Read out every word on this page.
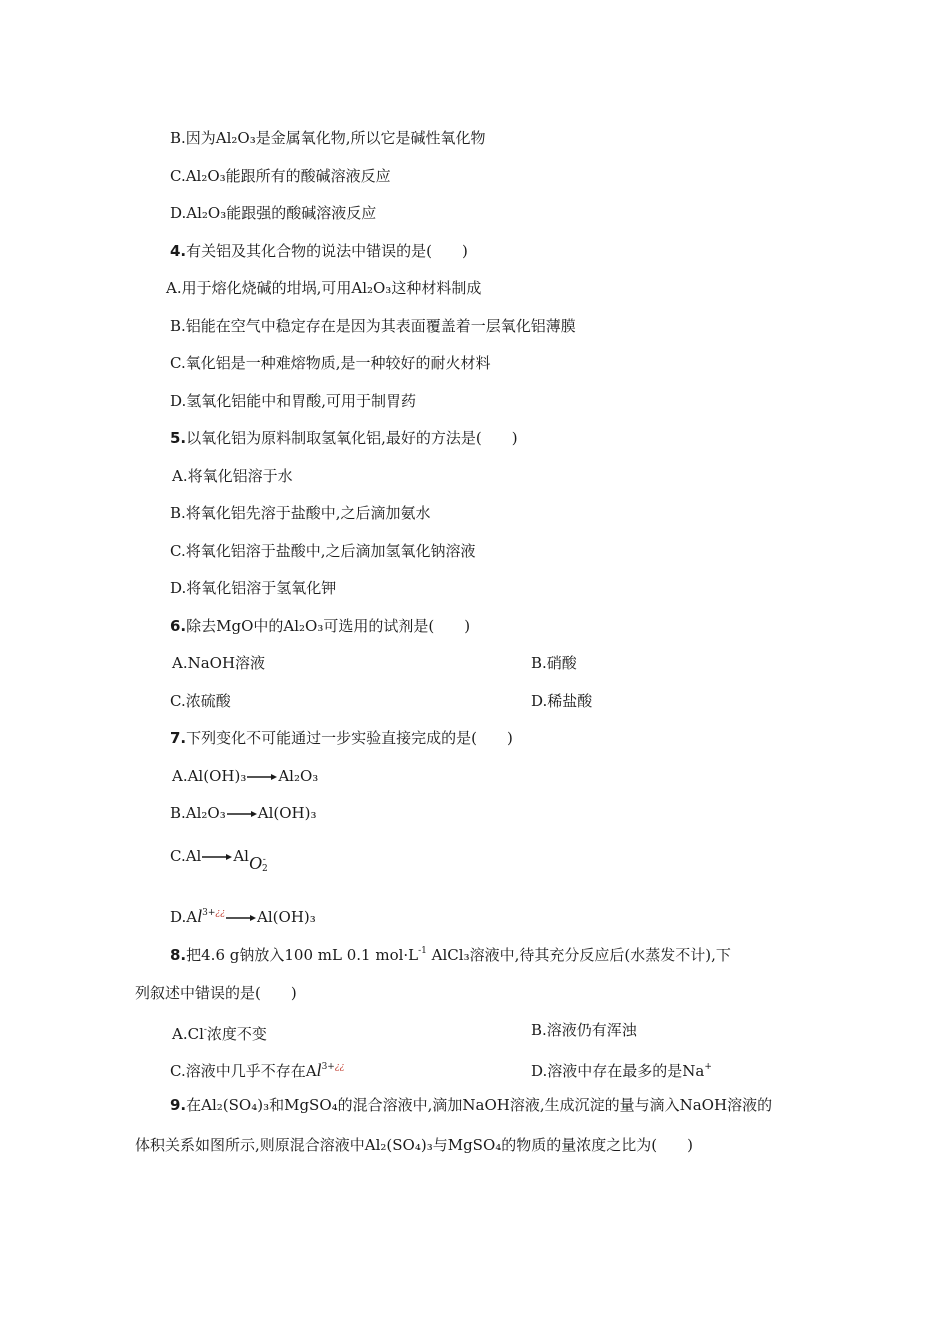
B.因为Al₂O₃是金属氧化物,所以它是碱性氧化物
C.Al₂O₃能跟所有的酸碱溶液反应
D.Al₂O₃能跟强的酸碱溶液反应
4.有关铝及其化合物的说法中错误的是(　　)
A.用于熔化烧碱的坩埚,可用Al₂O₃这种材料制成
B.铝能在空气中稳定存在是因为其表面覆盖着一层氧化铝薄膜
C.氧化铝是一种难熔物质,是一种较好的耐火材料
D.氢氧化铝能中和胃酸,可用于制胃药
5.以氧化铝为原料制取氢氧化铝,最好的方法是(　　)
A.将氧化铝溶于水
B.将氧化铝先溶于盐酸中,之后滴加氨水
C.将氧化铝溶于盐酸中,之后滴加氢氧化钠溶液
D.将氧化铝溶于氢氧化钾
6.除去MgO中的Al₂O₃可选用的试剂是(　　)
A.NaOH溶液	B.硝酸
C.浓硫酸	D.稀盐酸
7.下列变化不可能通过一步实验直接完成的是(　　)
A.Al(OH)₃→Al₂O₃
B.Al₂O₃→Al(OH)₃
C.Al→AlO$_2$-
$D.Al^{3+¿¿}\to Al(OH)_3$
8.把4.6 g钠放入100 mL 0.1 $mol\cdot L^{-1}$ AlCl₃溶液中,待其充分反应后(水蒸发不计),下
列叙述中错误的是(　　)
A.Cl-浓度不变	B.溶液仍有浑浊
C.溶液中几乎不存在$Al^{3+¿¿}$	D.溶液中存在最多的是Na+
9.在Al₂(SO₄)₃和MgSO₄的混合溶液中,滴加NaOH溶液,生成沉淀的量与滴入NaOH溶液的
体积关系如图所示,则原混合溶液中Al₂(SO₄)₃与MgSO₄的物质的量浓度之比为(　　)
